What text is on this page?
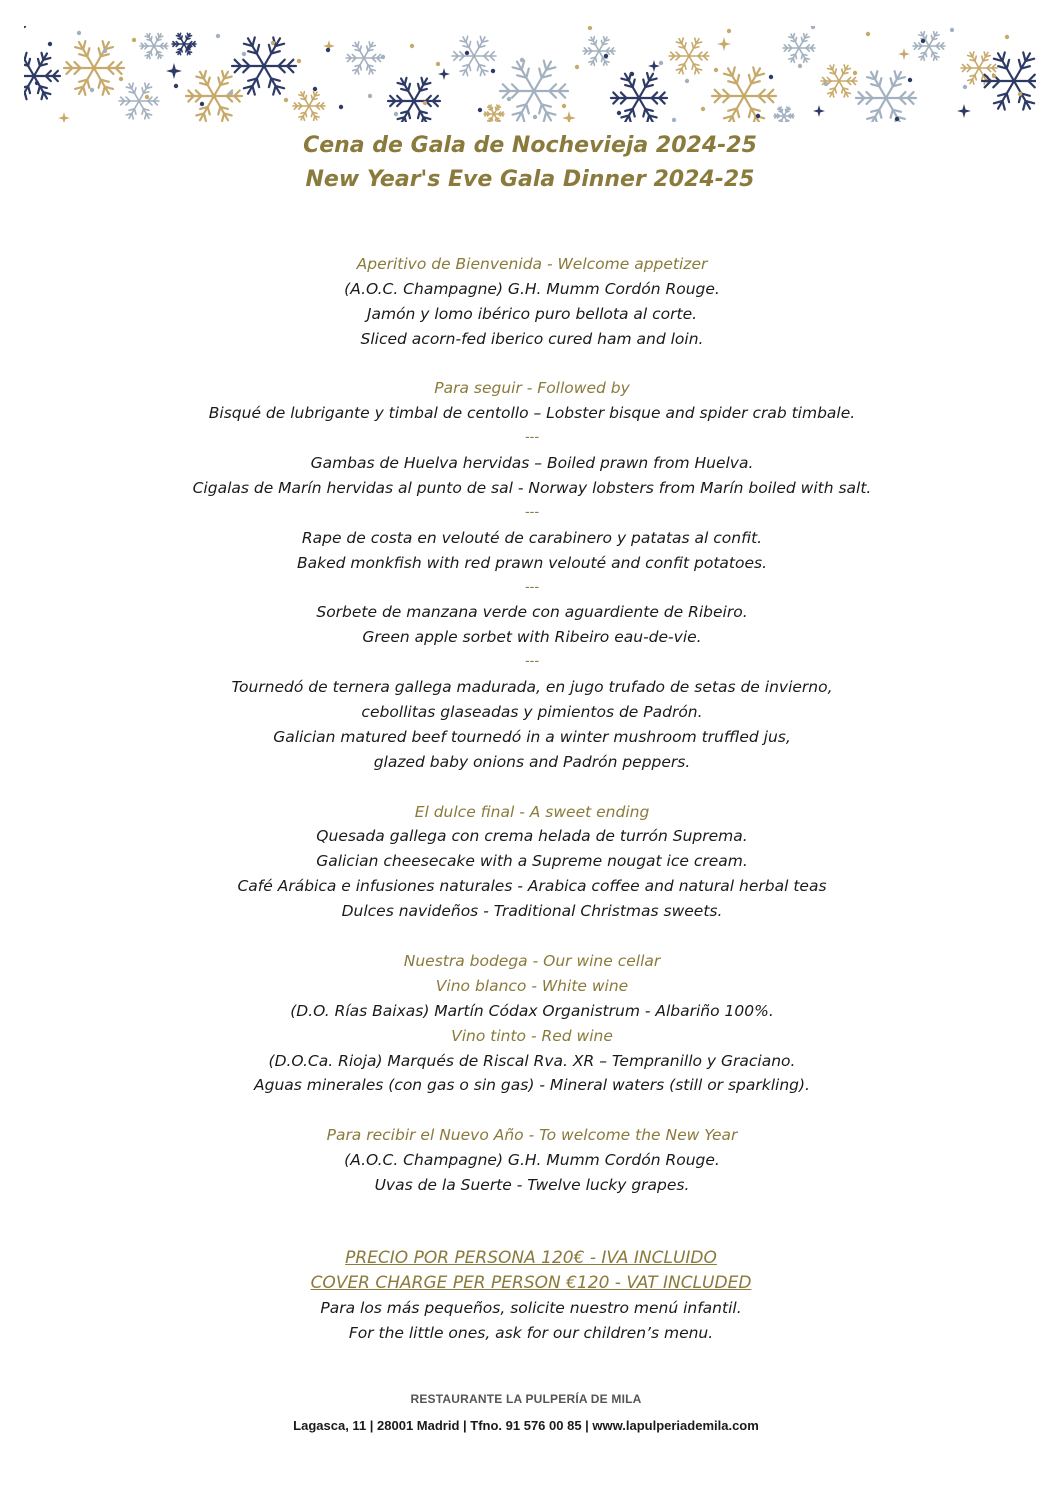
Cena de Gala de Nochevieja 2024-25
New Year's Eve Gala Dinner 2024-25
Aperitivo de Bienvenida - Welcome appetizer
(A.O.C. Champagne) G.H. Mumm Cordón Rouge.
Jamón y lomo ibérico puro bellota al corte.
Sliced acorn-fed iberico cured ham and loin.
Para seguir - Followed by
Bisqué de lubrigante y timbal de centollo – Lobster bisque and spider crab timbale.
---
Gambas de Huelva hervidas – Boiled prawn from Huelva.
Cigalas de Marín hervidas al punto de sal - Norway lobsters from Marín boiled with salt.
---
Rape de costa en velouté de carabinero y patatas al confit.
Baked monkfish with red prawn velouté and confit potatoes.
---
Sorbete de manzana verde con aguardiente de Ribeiro.
Green apple sorbet with Ribeiro eau-de-vie.
---
Tournedó de ternera gallega madurada, en jugo trufado de setas de invierno,
cebollitas glaseadas y pimientos de Padrón.
Galician matured beef tournedó in a winter mushroom truffled jus,
glazed baby onions and Padrón peppers.
El dulce final - A sweet ending
Quesada gallega con crema helada de turrón Suprema.
Galician cheesecake with a Supreme nougat ice cream.
Café Arábica e infusiones naturales - Arabica coffee and natural herbal teas
Dulces navideños - Traditional Christmas sweets.
Nuestra bodega - Our wine cellar
Vino blanco - White wine
(D.O. Rías Baixas) Martín Códax Organistrum - Albariño 100%.
Vino tinto - Red wine
(D.O.Ca. Rioja) Marqués de Riscal Rva. XR – Tempranillo y Graciano.
Aguas minerales (con gas o sin gas) - Mineral waters (still or sparkling).
Para recibir el Nuevo Año - To welcome the New Year
(A.O.C. Champagne) G.H. Mumm Cordón Rouge.
Uvas de la Suerte - Twelve lucky grapes.
PRECIO POR PERSONA 120€ - IVA INCLUIDO
COVER CHARGE PER PERSON €120 - VAT INCLUDED
Para los más pequeños, solicite nuestro menú infantil.
For the little ones, ask for our children’s menu.
RESTAURANTE LA PULPERÍA DE MILA
Lagasca, 11 | 28001 Madrid | Tfno. 91 576 00 85 | www.lapulperiademila.com
